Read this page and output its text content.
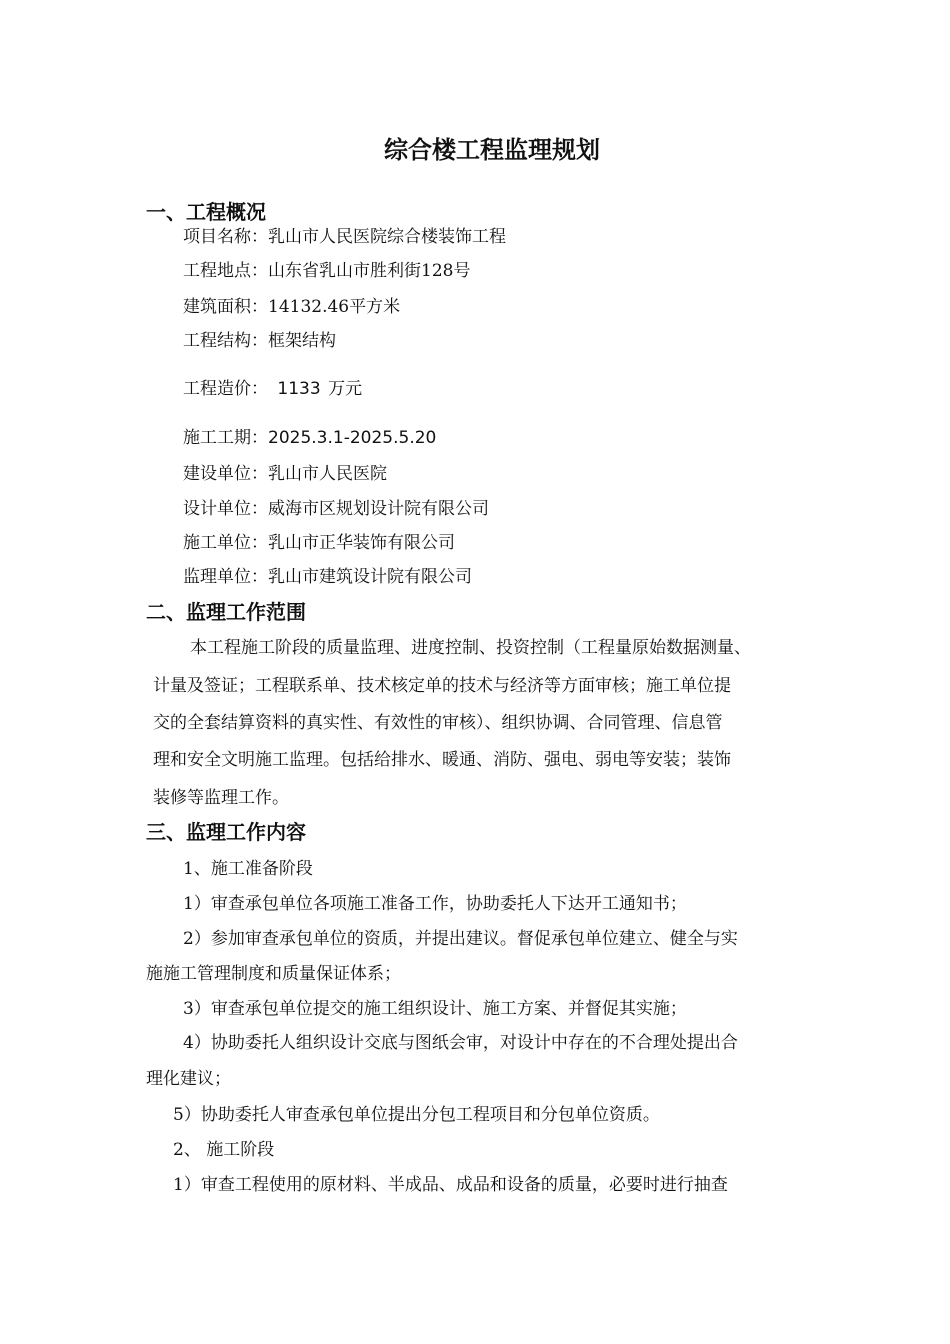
综合楼工程监理规划
一、工程概况
项目名称：乳山市人民医院综合楼装饰工程
工程地点：山东省乳山市胜利街128号
建筑面积：14132.46平方米
工程结构：框架结构
工程造价： 1133 万元
施工工期：2025.3.1-2025.5.20
建设单位：乳山市人民医院
设计单位：威海市区规划设计院有限公司
施工单位：乳山市正华装饰有限公司
监理单位：乳山市建筑设计院有限公司
二、监理工作范围
本工程施工阶段的质量监理、进度控制、投资控制（工程量原始数据测量、
计量及签证；工程联系单、技术核定单的技术与经济等方面审核；施工单位提
交的全套结算资料的真实性、有效性的审核）、组织协调、合同管理、信息管
理和安全文明施工监理。包括给排水、暖通、消防、强电、弱电等安装；装饰
装修等监理工作。
三、监理工作内容
1、施工准备阶段
1）审查承包单位各项施工准备工作，协助委托人下达开工通知书；
2）参加审查承包单位的资质，并提出建议。督促承包单位建立、健全与实
施施工管理制度和质量保证体系；
3）审查承包单位提交的施工组织设计、施工方案、并督促其实施；
4）协助委托人组织设计交底与图纸会审，对设计中存在的不合理处提出合
理化建议；
5）协助委托人审查承包单位提出分包工程项目和分包单位资质。
2、 施工阶段
1）审查工程使用的原材料、半成品、成品和设备的质量，必要时进行抽查
